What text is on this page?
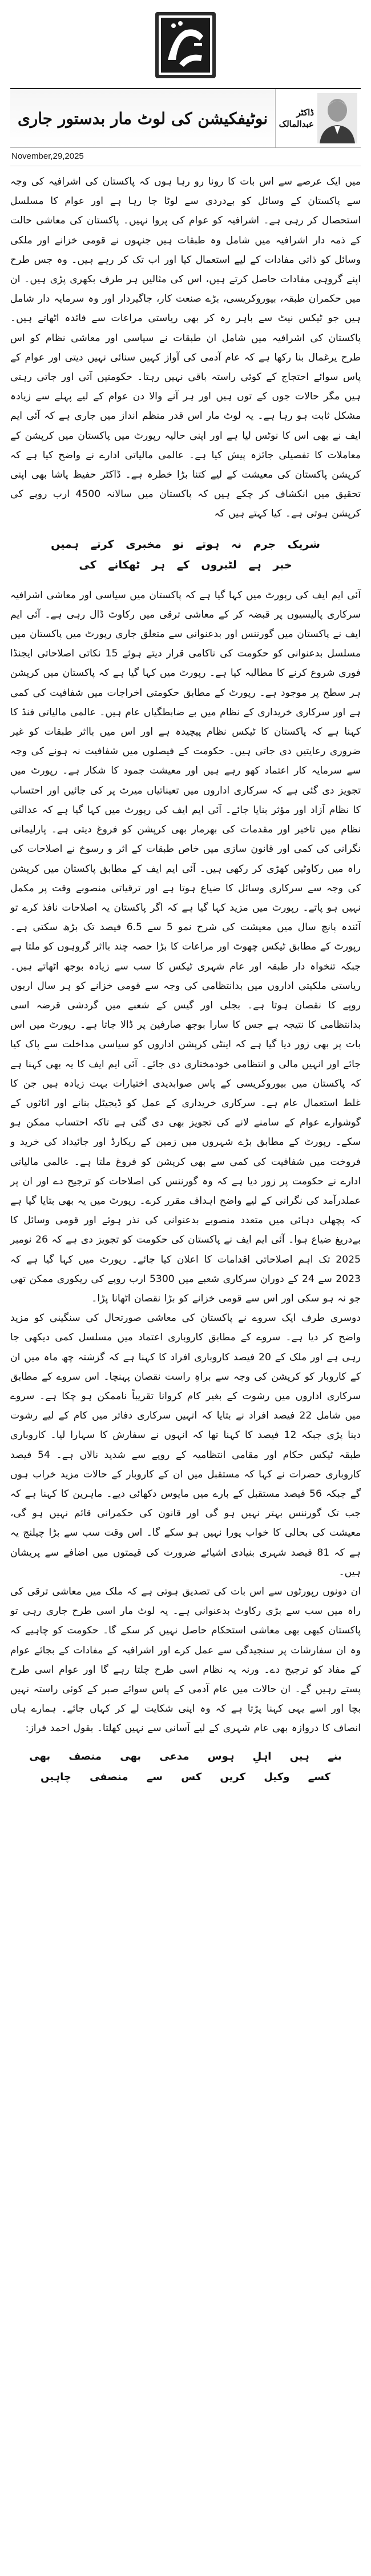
ڈاکٹر عبدالمالک
نوٹیفکیشن کی لوٹ مار بدستور جاری
November,29,2025

میں ایک عرصے سے اس بات کا رونا رو رہا ہوں کہ پاکستان کی اشرافیہ کی وجہ سے پاکستان کے وسائل کو بےدردی سے لوٹا جا رہا ہے اور عوام کا مسلسل استحصال کر رہی ہے۔ اشرافیہ کو عوام کی پروا نہیں۔ پاکستان کی معاشی حالت کے ذمہ دار اشرافیہ میں شامل وہ طبقات ہیں جنہوں نے قومی خزانے اور ملکی وسائل کو ذاتی مفادات کے لیے استعمال کیا اور اب تک کر رہے ہیں۔ وہ جس طرح اپنے گروہی مفادات حاصل کرتے ہیں، اس کی مثالیں ہر طرف بکھری پڑی ہیں۔ ان میں حکمران طبقہ، بیوروکریسی، بڑے صنعت کار، جاگیردار اور وہ سرمایہ دار شامل ہیں جو ٹیکس نیٹ سے باہر رہ کر بھی ریاستی مراعات سے فائدہ اٹھاتے ہیں۔ پاکستان کی اشرافیہ میں شامل ان طبقات نے سیاسی اور معاشی نظام کو اس طرح یرغمال بنا رکھا ہے کہ عام آدمی کی آواز کہیں سنائی نہیں دیتی اور عوام کے پاس سوائے احتجاج کے کوئی راستہ باقی نہیں رہتا۔ حکومتیں آتی اور جاتی رہتی ہیں مگر حالات جوں کے توں ہیں اور ہر آنے والا دن عوام کے لیے پہلے سے زیادہ مشکل ثابت ہو رہا ہے۔ یہ لوٹ مار اس قدر منظم انداز میں جاری ہے کہ آئی ایم ایف نے بھی اس کا نوٹس لیا ہے اور اپنی حالیہ رپورٹ میں پاکستان میں کرپشن کے معاملات کا تفصیلی جائزہ پیش کیا ہے۔ عالمی مالیاتی ادارے نے واضح کیا ہے کہ کرپشن پاکستان کی معیشت کے لیے کتنا بڑا خطرہ ہے۔ ڈاکٹر حفیظ پاشا بھی اپنی تحقیق میں انکشاف کر چکے ہیں کہ پاکستان میں سالانہ 4500 ارب روپے کی کرپشن ہوتی ہے۔ کیا کہتے ہیں کہ

شریک جرم نہ ہوتے تو مخبری کرتے ہمیں خبر ہے لٹیروں کے ہر ٹھکانے کی

آئی ایم ایف کی رپورٹ میں کہا گیا ہے کہ پاکستان میں سیاسی اور معاشی اشرافیہ سرکاری پالیسیوں پر قبضہ کر کے معاشی ترقی میں رکاوٹ ڈال رہی ہے۔ آئی ایم ایف نے پاکستان میں گورننس اور بدعنوانی سے متعلق جاری رپورٹ میں پاکستان میں مسلسل بدعنوانی کو حکومت کی ناکامی قرار دیتے ہوئے 15 نکاتی اصلاحاتی ایجنڈا فوری شروع کرنے کا مطالبہ کیا ہے۔ رپورٹ میں کہا گیا ہے کہ پاکستان میں کرپشن ہر سطح پر موجود ہے۔ رپورٹ کے مطابق حکومتی اخراجات میں شفافیت کی کمی ہے اور سرکاری خریداری کے نظام میں بے ضابطگیاں عام ہیں۔ عالمی مالیاتی فنڈ کا کہنا ہے کہ پاکستان کا ٹیکس نظام پیچیدہ ہے اور اس میں بااثر طبقات کو غیر ضروری رعایتیں دی جاتی ہیں۔ حکومت کے فیصلوں میں شفافیت نہ ہونے کی وجہ سے سرمایہ کار اعتماد کھو رہے ہیں اور معیشت جمود کا شکار ہے۔ رپورٹ میں تجویز دی گئی ہے کہ سرکاری اداروں میں تعیناتیاں میرٹ پر کی جائیں اور احتساب کا نظام آزاد اور مؤثر بنایا جائے۔ آئی ایم ایف کی رپورٹ میں کہا گیا ہے کہ عدالتی نظام میں تاخیر اور مقدمات کی بھرمار بھی کرپشن کو فروغ دیتی ہے۔ پارلیمانی نگرانی کی کمی اور قانون سازی میں خاص طبقات کے اثر و رسوخ نے اصلاحات کی راہ میں رکاوٹیں کھڑی کر رکھی ہیں۔ آئی ایم ایف کے مطابق پاکستان میں کرپشن کی وجہ سے سرکاری وسائل کا ضیاع ہوتا ہے اور ترقیاتی منصوبے وقت پر مکمل نہیں ہو پاتے۔ رپورٹ میں مزید کہا گیا ہے کہ اگر پاکستان یہ اصلاحات نافذ کرے تو آئندہ پانچ سال میں معیشت کی شرح نمو 5 سے 6.5 فیصد تک بڑھ سکتی ہے۔ رپورٹ کے مطابق ٹیکس چھوٹ اور مراعات کا بڑا حصہ چند بااثر گروہوں کو ملتا ہے جبکہ تنخواہ دار طبقہ اور عام شہری ٹیکس کا سب سے زیادہ بوجھ اٹھاتے ہیں۔ ریاستی ملکیتی اداروں میں بدانتظامی کی وجہ سے قومی خزانے کو ہر سال اربوں روپے کا نقصان ہوتا ہے۔ بجلی اور گیس کے شعبے میں گردشی قرضہ اسی بدانتظامی کا نتیجہ ہے جس کا سارا بوجھ صارفین پر ڈالا جاتا ہے۔ رپورٹ میں اس بات پر بھی زور دیا گیا ہے کہ اینٹی کرپشن اداروں کو سیاسی مداخلت سے پاک کیا جائے اور انہیں مالی و انتظامی خودمختاری دی جائے۔ آئی ایم ایف کا یہ بھی کہنا ہے کہ پاکستان میں بیوروکریسی کے پاس صوابدیدی اختیارات بہت زیادہ ہیں جن کا غلط استعمال عام ہے۔ سرکاری خریداری کے عمل کو ڈیجیٹل بنانے اور اثاثوں کے گوشوارے عوام کے سامنے لانے کی تجویز بھی دی گئی ہے تاکہ احتساب ممکن ہو سکے۔ رپورٹ کے مطابق بڑے شہروں میں زمین کے ریکارڈ اور جائیداد کی خرید و فروخت میں شفافیت کی کمی سے بھی کرپشن کو فروغ ملتا ہے۔ عالمی مالیاتی ادارے نے حکومت پر زور دیا ہے کہ وہ گورننس کی اصلاحات کو ترجیح دے اور ان پر عملدرآمد کی نگرانی کے لیے واضح اہداف مقرر کرے۔ رپورٹ میں یہ بھی بتایا گیا ہے کہ پچھلی دہائی میں متعدد منصوبے بدعنوانی کی نذر ہوئے اور قومی وسائل کا بےدریغ ضیاع ہوا۔ آئی ایم ایف نے پاکستان کی حکومت کو تجویز دی ہے کہ 26 نومبر 2025 تک اہم اصلاحاتی اقدامات کا اعلان کیا جائے۔ رپورٹ میں کہا گیا ہے کہ 2023 سے 24 کے دوران سرکاری شعبے میں 5300 ارب روپے کی ریکوری ممکن تھی جو نہ ہو سکی اور اس سے قومی خزانے کو بڑا نقصان اٹھانا پڑا۔

دوسری طرف ایک سروے نے پاکستان کی معاشی صورتحال کی سنگینی کو مزید واضح کر دیا ہے۔ سروے کے مطابق کاروباری اعتماد میں مسلسل کمی دیکھی جا رہی ہے اور ملک کے 20 فیصد کاروباری افراد کا کہنا ہے کہ گزشتہ چھ ماہ میں ان کے کاروبار کو کرپشن کی وجہ سے براہِ راست نقصان پہنچا۔ اس سروے کے مطابق سرکاری اداروں میں رشوت کے بغیر کام کروانا تقریباً ناممکن ہو چکا ہے۔ سروے میں شامل 22 فیصد افراد نے بتایا کہ انہیں سرکاری دفاتر میں کام کے لیے رشوت دینا پڑی جبکہ 12 فیصد کا کہنا تھا کہ انہوں نے سفارش کا سہارا لیا۔ کاروباری طبقہ ٹیکس حکام اور مقامی انتظامیہ کے رویے سے شدید نالاں ہے۔ 54 فیصد کاروباری حضرات نے کہا کہ مستقبل میں ان کے کاروبار کے حالات مزید خراب ہوں گے جبکہ 56 فیصد مستقبل کے بارے میں مایوس دکھائی دیے۔ ماہرین کا کہنا ہے کہ جب تک گورننس بہتر نہیں ہو گی اور قانون کی حکمرانی قائم نہیں ہو گی، معیشت کی بحالی کا خواب پورا نہیں ہو سکے گا۔ اس وقت سب سے بڑا چیلنج یہ ہے کہ 81 فیصد شہری بنیادی اشیائے ضرورت کی قیمتوں میں اضافے سے پریشان ہیں۔

ان دونوں رپورٹوں سے اس بات کی تصدیق ہوتی ہے کہ ملک میں معاشی ترقی کی راہ میں سب سے بڑی رکاوٹ بدعنوانی ہے۔ یہ لوٹ مار اسی طرح جاری رہی تو پاکستان کبھی بھی معاشی استحکام حاصل نہیں کر سکے گا۔ حکومت کو چاہیے کہ وہ ان سفارشات پر سنجیدگی سے عمل کرے اور اشرافیہ کے مفادات کے بجائے عوام کے مفاد کو ترجیح دے۔ ورنہ یہ نظام اسی طرح چلتا رہے گا اور عوام اسی طرح پستے رہیں گے۔ ان حالات میں عام آدمی کے پاس سوائے صبر کے کوئی راستہ نہیں بچا اور اسے یہی کہنا پڑتا ہے کہ وہ اپنی شکایت لے کر کہاں جائے۔ ہمارے ہاں انصاف کا دروازہ بھی عام شہری کے لیے آسانی سے نہیں کھلتا۔ بقول احمد فراز:

بنے ہیں اہلِ ہوس مدعی بھی منصف بھی کسے وکیل کریں کس سے منصفی چاہیں
